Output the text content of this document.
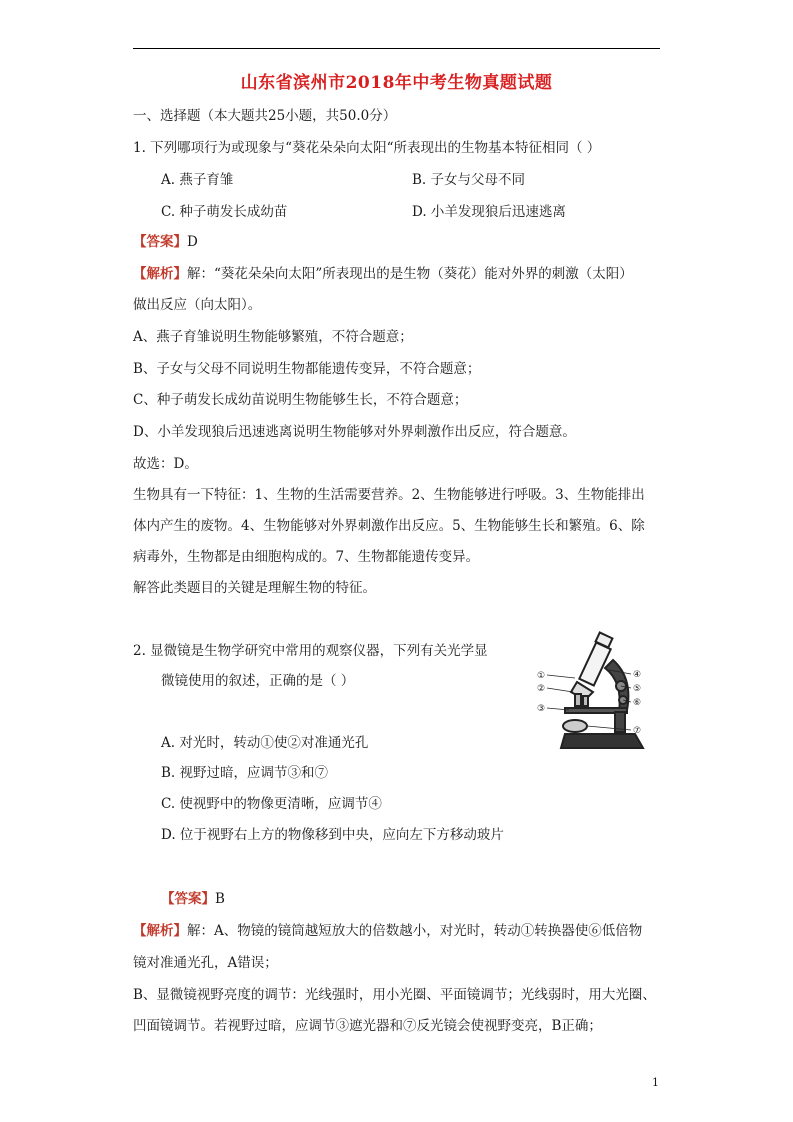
山东省滨州市2018年中考生物真题试题
一、选择题（本大题共25小题，共50.0分）
1. 下列哪项行为或现象与“葵花朵朵向太阳“所表现出的生物基本特征相同（ ）
A. 燕子育雏	B. 子女与父母不同
C. 种子萌发长成幼苗	D. 小羊发现狼后迅速逃离
【答案】D
【解析】解：“葵花朵朵向太阳”所表现出的是生物（葵花）能对外界的刺激（太阳）
做出反应（向太阳）。
A、燕子育雏说明生物能够繁殖，不符合题意；
B、子女与父母不同说明生物都能遗传变异，不符合题意；
C、种子萌发长成幼苗说明生物能够生长，不符合题意；
D、小羊发现狼后迅速逃离说明生物能够对外界刺激作出反应，符合题意。
故选：D。
生物具有一下特征：1、生物的生活需要营养。2、生物能够进行呼吸。3、生物能排出
体内产生的废物。4、生物能够对外界刺激作出反应。5、生物能够生长和繁殖。6、除
病毒外，生物都是由细胞构成的。7、生物都能遗传变异。
解答此类题目的关键是理解生物的特征。
2. 显微镜是生物学研究中常用的观察仪器，下列有关光学显
微镜使用的叙述，正确的是（ ）	①
②
③
④
⑤
⑥
⑦
A. 对光时，转动①使②对准通光孔
B. 视野过暗，应调节③和⑦
C. 使视野中的物像更清晰，应调节④
D. 位于视野右上方的物像移到中央，应向左下方移动玻片
【答案】B
【解析】解：A、物镜的镜筒越短放大的倍数越小，对光时，转动①转换器使⑥低倍物
镜对准通光孔，A错误；
B、显微镜视野亮度的调节：光线强时，用小光圈、平面镜调节；光线弱时，用大光圈、
凹面镜调节。若视野过暗，应调节③遮光器和⑦反光镜会使视野变亮，B正确；
1
